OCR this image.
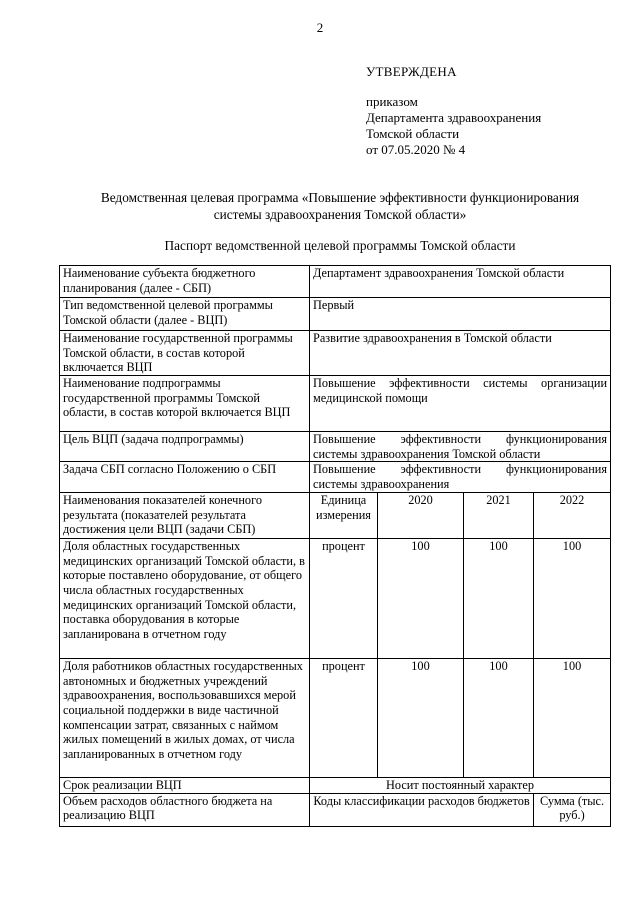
2
УТВЕРЖДЕНА
приказом
Департамента здравоохранения
Томской области
от 07.05.2020 № 4
Ведомственная целевая программа «Повышение эффективности функционирования
системы здравоохранения Томской области»
Паспорт ведомственной целевой программы Томской области
Наименование субъекта бюджетного планирования (далее - СБП)	Департамент здравоохранения Томской области			
Тип ведомственной целевой программы Томской области (далее - ВЦП)	Первый			
Наименование государственной программы Томской области, в состав которой включается ВЦП	Развитие здравоохранения в Томской области			
Наименование подпрограммы государственной программы Томской области, в состав которой включается ВЦП	Повышение эффективности системы организации
медицинской помощи			

Цель ВЦП (задача подпрограммы)	Повышение эффективности функционирования
системы здравоохранения Томской области			

Задача СБП согласно Положению о СБП	Повышение эффективности функционирования
системы здравоохранения			

Наименования показателей конечного результата (показателей результата достижения цели ВЦП (задачи СБП)	Единица измерения	2020	2021	2022
Доля областных государственных медицинских организаций Томской области, в которые поставлено оборудование, от общего числа областных государственных медицинских организаций Томской области, поставка оборудования в которые запланирована в отчетном году	процент	100	100	100
Доля работников областных государственных автономных и бюджетных учреждений здравоохранения, воспользовавшихся мерой социальной поддержки в виде частичной компенсации затрат, связанных с наймом жилых помещений в жилых домах, от числа запланированных в отчетном году	процент	100	100	100
Срок реализации ВЦП	Носит постоянный характер			
Объем расходов областного бюджета на реализацию ВЦП	Коды классификации расходов бюджетов			Сумма (тыс. руб.)
